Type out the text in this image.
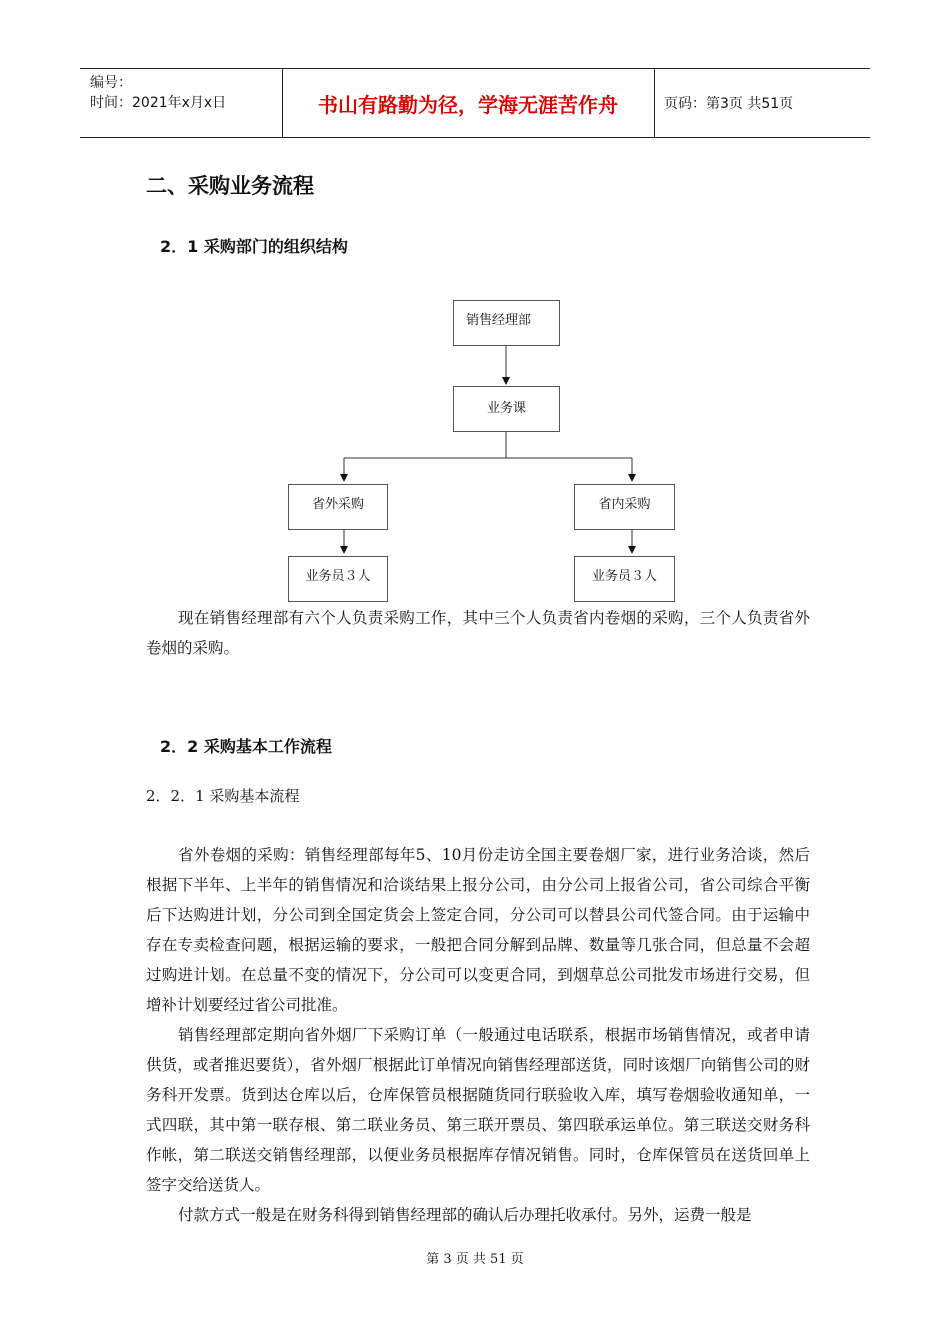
编号：
时间：2021年x月x日	书山有路勤为径，学海无涯苦作舟	页码：第3页 共51页
二、采购业务流程
2．1 采购部门的组织结构
销售经理部
业务课
省外采购	省内采购
业务员３人	业务员３人

现在销售经理部有六个人负责采购工作，其中三个人负责省内卷烟的采购，三个人负责省外卷烟的采购。

2．2 采购基本工作流程
2．2．1 采购基本流程

省外卷烟的采购：销售经理部每年5、10月份走访全国主要卷烟厂家，进行业务洽谈，然后根据下半年、上半年的销售情况和洽谈结果上报分公司，由分公司上报省公司，省公司综合平衡后下达购进计划，分公司到全国定货会上签定合同，分公司可以替县公司代签合同。由于运输中存在专卖检查问题，根据运输的要求，一般把合同分解到品牌、数量等几张合同，但总量不会超过购进计划。在总量不变的情况下，分公司可以变更合同，到烟草总公司批发市场进行交易，但增补计划要经过省公司批准。

销售经理部定期向省外烟厂下采购订单（一般通过电话联系，根据市场销售情况，或者申请供货，或者推迟要货），省外烟厂根据此订单情况向销售经理部送货，同时该烟厂向销售公司的财务科开发票。货到达仓库以后，仓库保管员根据随货同行联验收入库，填写卷烟验收通知单，一式四联，其中第一联存根、第二联业务员、第三联开票员、第四联承运单位。第三联送交财务科作帐，第二联送交销售经理部，以便业务员根据库存情况销售。同时，仓库保管员在送货回单上签字交给送货人。

付款方式一般是在财务科得到销售经理部的确认后办理托收承付。另外，运费一般是

第 3 页 共 51 页
